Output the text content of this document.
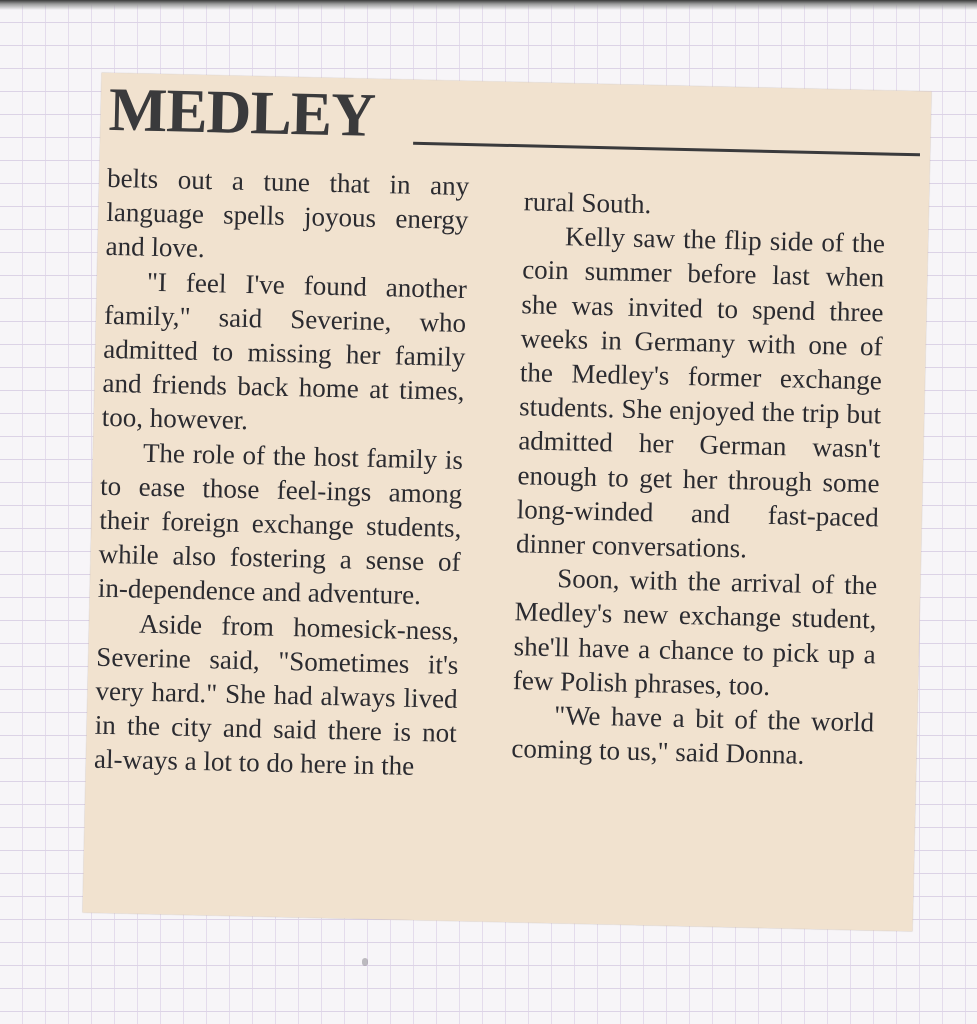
MEDLEY

belts out a tune that in any language spells joyous energy and love.

"I feel I've found another family," said Severine, who admitted to missing her family and friends back home at times, too, however.

The role of the host family is to ease those feel-ings among their foreign exchange students, while also fostering a sense of in-dependence and adventure.

Aside from homesick-ness, Severine said, "Sometimes it's very hard." She had always lived in the city and said there is not al-ways a lot to do here in the

rural South.

Kelly saw the flip side of the coin summer before last when she was invited to spend three weeks in Germany with one of the Medley's former exchange students. She enjoyed the trip but admitted her German wasn't enough to get her through some long-winded and fast-paced dinner conversations.

Soon, with the arrival of the Medley's new exchange student, she'll have a chance to pick up a few Polish phrases, too.

"We have a bit of the world coming to us," said Donna.
